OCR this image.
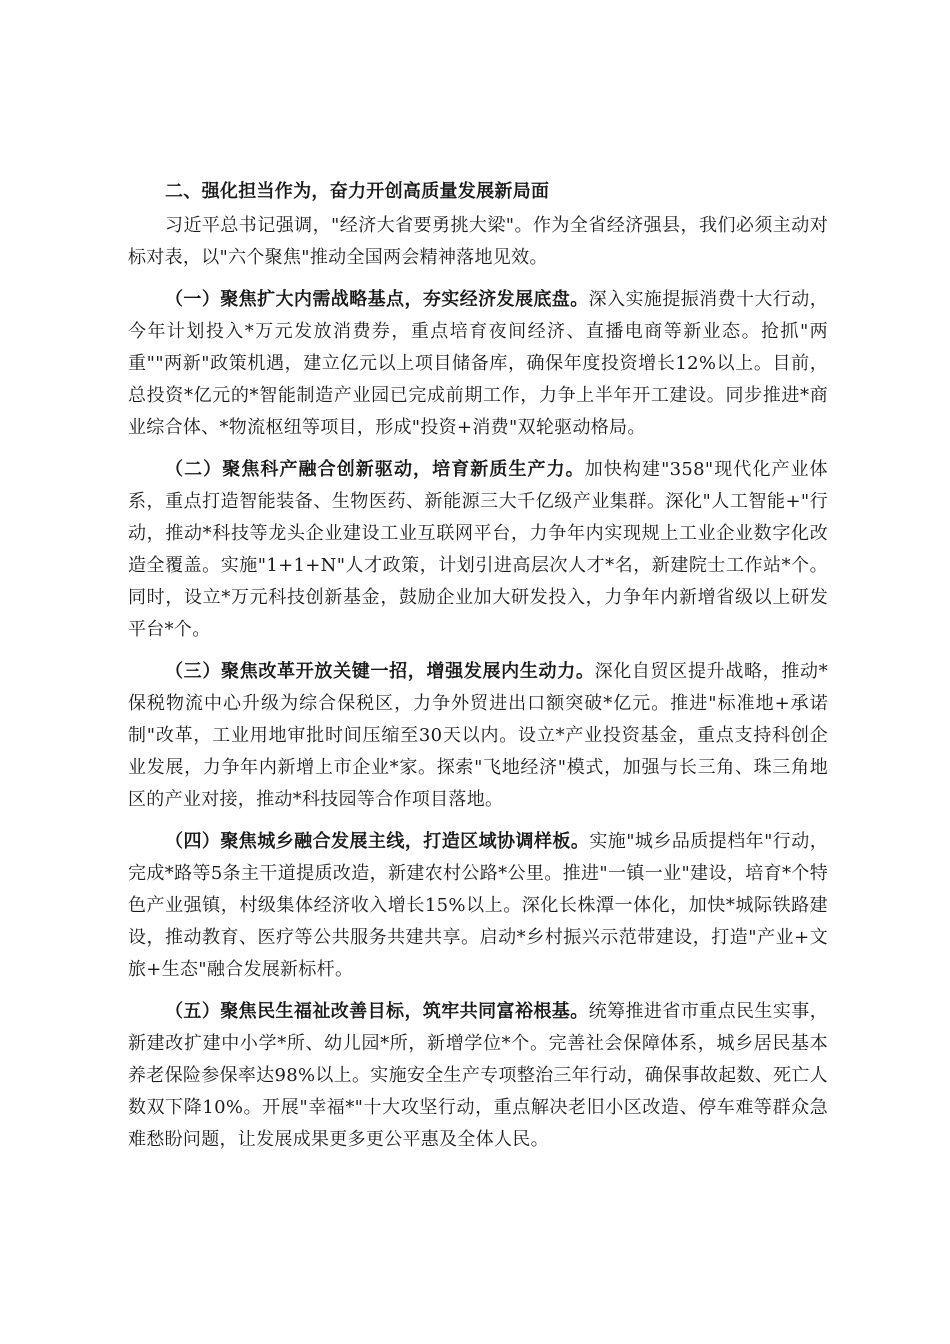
二、强化担当作为，奋力开创高质量发展新局面

习近平总书记强调，"经济大省要勇挑大梁"。作为全省经济强县，我们必须主动对标对表，以"六个聚焦"推动全国两会精神落地见效。

（一）聚焦扩大内需战略基点，夯实经济发展底盘。深入实施提振消费十大行动，今年计划投入*万元发放消费券，重点培育夜间经济、直播电商等新业态。抢抓"两重""两新"政策机遇，建立亿元以上项目储备库，确保年度投资增长12%以上。目前，总投资*亿元的*智能制造产业园已完成前期工作，力争上半年开工建设。同步推进*商业综合体、*物流枢纽等项目，形成"投资+消费"双轮驱动格局。

（二）聚焦科产融合创新驱动，培育新质生产力。加快构建"358"现代化产业体系，重点打造智能装备、生物医药、新能源三大千亿级产业集群。深化"人工智能+"行动，推动*科技等龙头企业建设工业互联网平台，力争年内实现规上工业企业数字化改造全覆盖。实施"1+1+N"人才政策，计划引进高层次人才*名，新建院士工作站*个。同时，设立*万元科技创新基金，鼓励企业加大研发投入，力争年内新增省级以上研发平台*个。

（三）聚焦改革开放关键一招，增强发展内生动力。深化自贸区提升战略，推动*保税物流中心升级为综合保税区，力争外贸进出口额突破*亿元。推进"标准地+承诺制"改革，工业用地审批时间压缩至30天以内。设立*产业投资基金，重点支持科创企业发展，力争年内新增上市企业*家。探索"飞地经济"模式，加强与长三角、珠三角地区的产业对接，推动*科技园等合作项目落地。

（四）聚焦城乡融合发展主线，打造区域协调样板。实施"城乡品质提档年"行动，完成*路等5条主干道提质改造，新建农村公路*公里。推进"一镇一业"建设，培育*个特色产业强镇，村级集体经济收入增长15%以上。深化长株潭一体化，加快*城际铁路建设，推动教育、医疗等公共服务共建共享。启动*乡村振兴示范带建设，打造"产业+文旅+生态"融合发展新标杆。

（五）聚焦民生福祉改善目标，筑牢共同富裕根基。统筹推进省市重点民生实事，新建改扩建中小学*所、幼儿园*所，新增学位*个。完善社会保障体系，城乡居民基本养老保险参保率达98%以上。实施安全生产专项整治三年行动，确保事故起数、死亡人数双下降10%。开展"幸福*"十大攻坚行动，重点解决老旧小区改造、停车难等群众急难愁盼问题，让发展成果更多更公平惠及全体人民。
